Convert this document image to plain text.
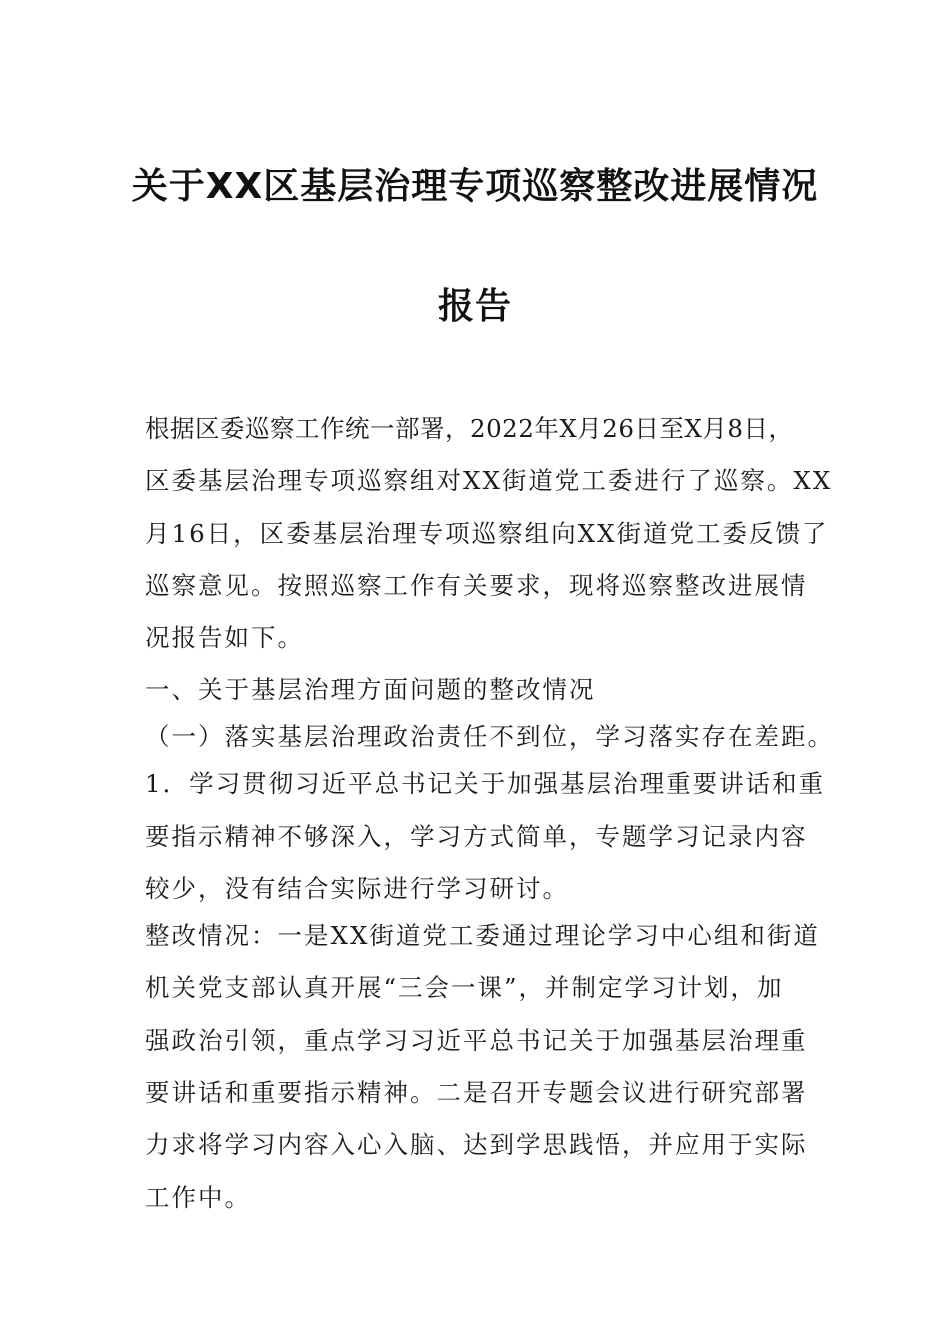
关于XX区基层治理专项巡察整改进展情况
报告
根据区委巡察工作统一部署，2022年X月26日至X月8日，
区委基层治理专项巡察组对XX街道党工委进行了巡察。XX
月16日，区委基层治理专项巡察组向XX街道党工委反馈了
巡察意见。按照巡察工作有关要求，现将巡察整改进展情
况报告如下。
一、关于基层治理方面问题的整改情况
（一）落实基层治理政治责任不到位，学习落实存在差距。
1．学习贯彻习近平总书记关于加强基层治理重要讲话和重
要指示精神不够深入，学习方式简单，专题学习记录内容
较少，没有结合实际进行学习研讨。
整改情况：一是XX街道党工委通过理论学习中心组和街道
机关党支部认真开展“三会一课”，并制定学习计划，加
强政治引领，重点学习习近平总书记关于加强基层治理重
要讲话和重要指示精神。二是召开专题会议进行研究部署
力求将学习内容入心入脑、达到学思践悟，并应用于实际
工作中。
